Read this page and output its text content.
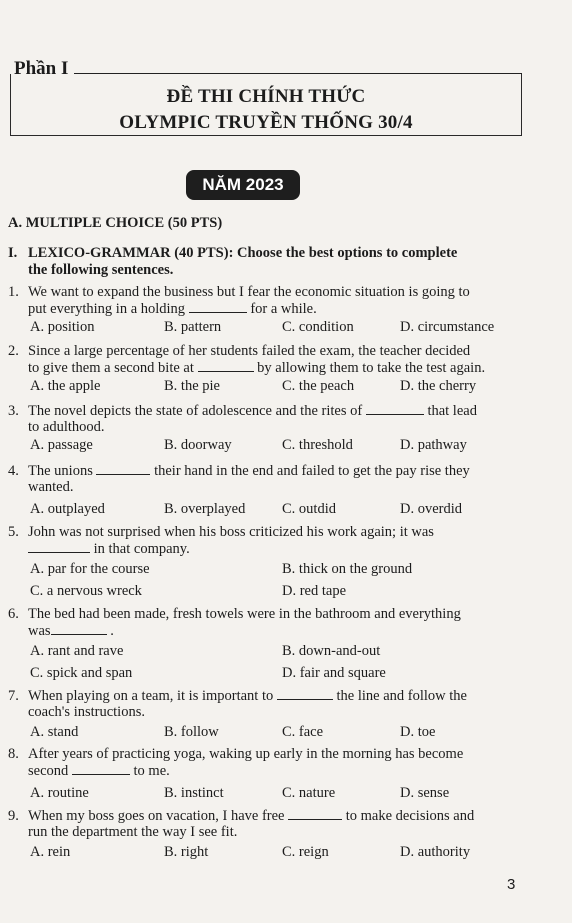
Phần I
ĐỀ THI CHÍNH THỨC
OLYMPIC TRUYỀN THỐNG 30/4
NĂM 2023
A. MULTIPLE CHOICE (50 PTS)
I. LEXICO-GRAMMAR (40 PTS): Choose the best options to complete
the following sentences.
1. We want to expand the business but I fear the economic situation is going to
put everything in a holding	for a while.
A. position	B. pattern	C. condition	D. circumstance
2. Since a large percentage of her students failed the exam, the teacher decided
to give them a second bite at	by allowing them to take the test again.
A. the apple	B. the pie	C. the peach	D. the cherry
3. The novel depicts the state of adolescence and the rites of	that lead
to adulthood.
A. passage	B. doorway	C. threshold	D. pathway
4. The unions	their hand in the end and failed to get the pay rise they
wanted.
A. outplayed	B. overplayed	C. outdid	D. overdid
5. John was not surprised when his boss criticized his work again; it was
in that company.
A. par for the course	B. thick on the ground
C. a nervous wreck	D. red tape
6. The bed had been made, fresh towels were in the bathroom and everything
was	.
A. rant and rave	B. down-and-out
C. spick and span	D. fair and square
7. When playing on a team, it is important to	the line and follow the
coach's instructions.
A. stand	B. follow	C. face	D. toe
8. After years of practicing yoga, waking up early in the morning has become
second	to me.
A. routine	B. instinct	C. nature	D. sense
9. When my boss goes on vacation, I have free	to make decisions and
run the department the way I see fit.
A. rein	B. right	C. reign	D. authority
3
